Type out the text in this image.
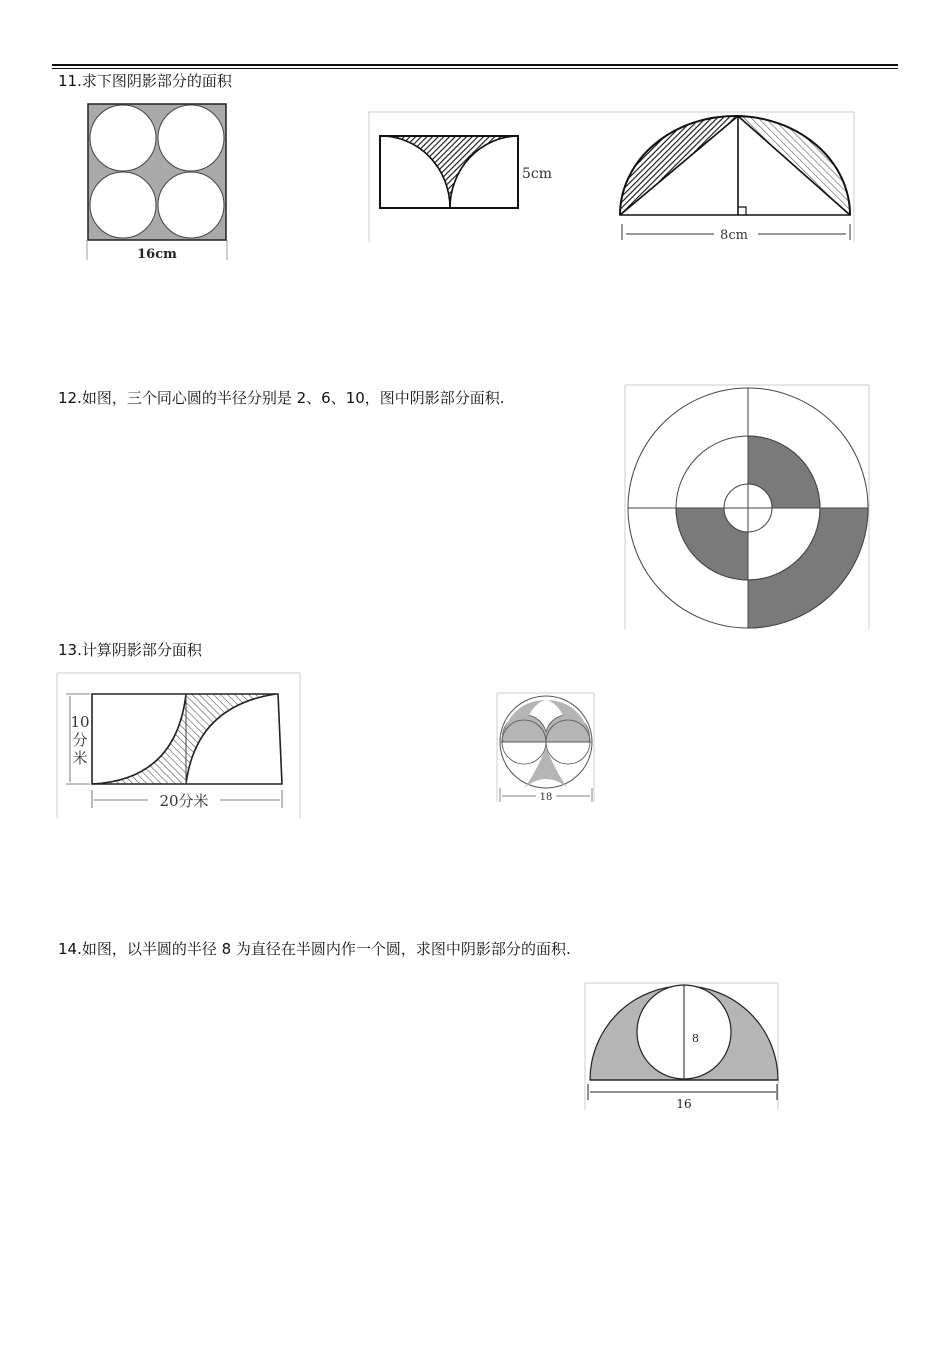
11.求下图阴影部分的面积
16cm
5cm
8cm
12.如图，三个同心圆的半径分别是 2、6、10，图中阴影部分面积.
13.计算阴影部分面积
10
分
米
20分米	18
14.如图，以半圆的半径 8 为直径在半圆内作一个圆，求图中阴影部分的面积.
8
16
